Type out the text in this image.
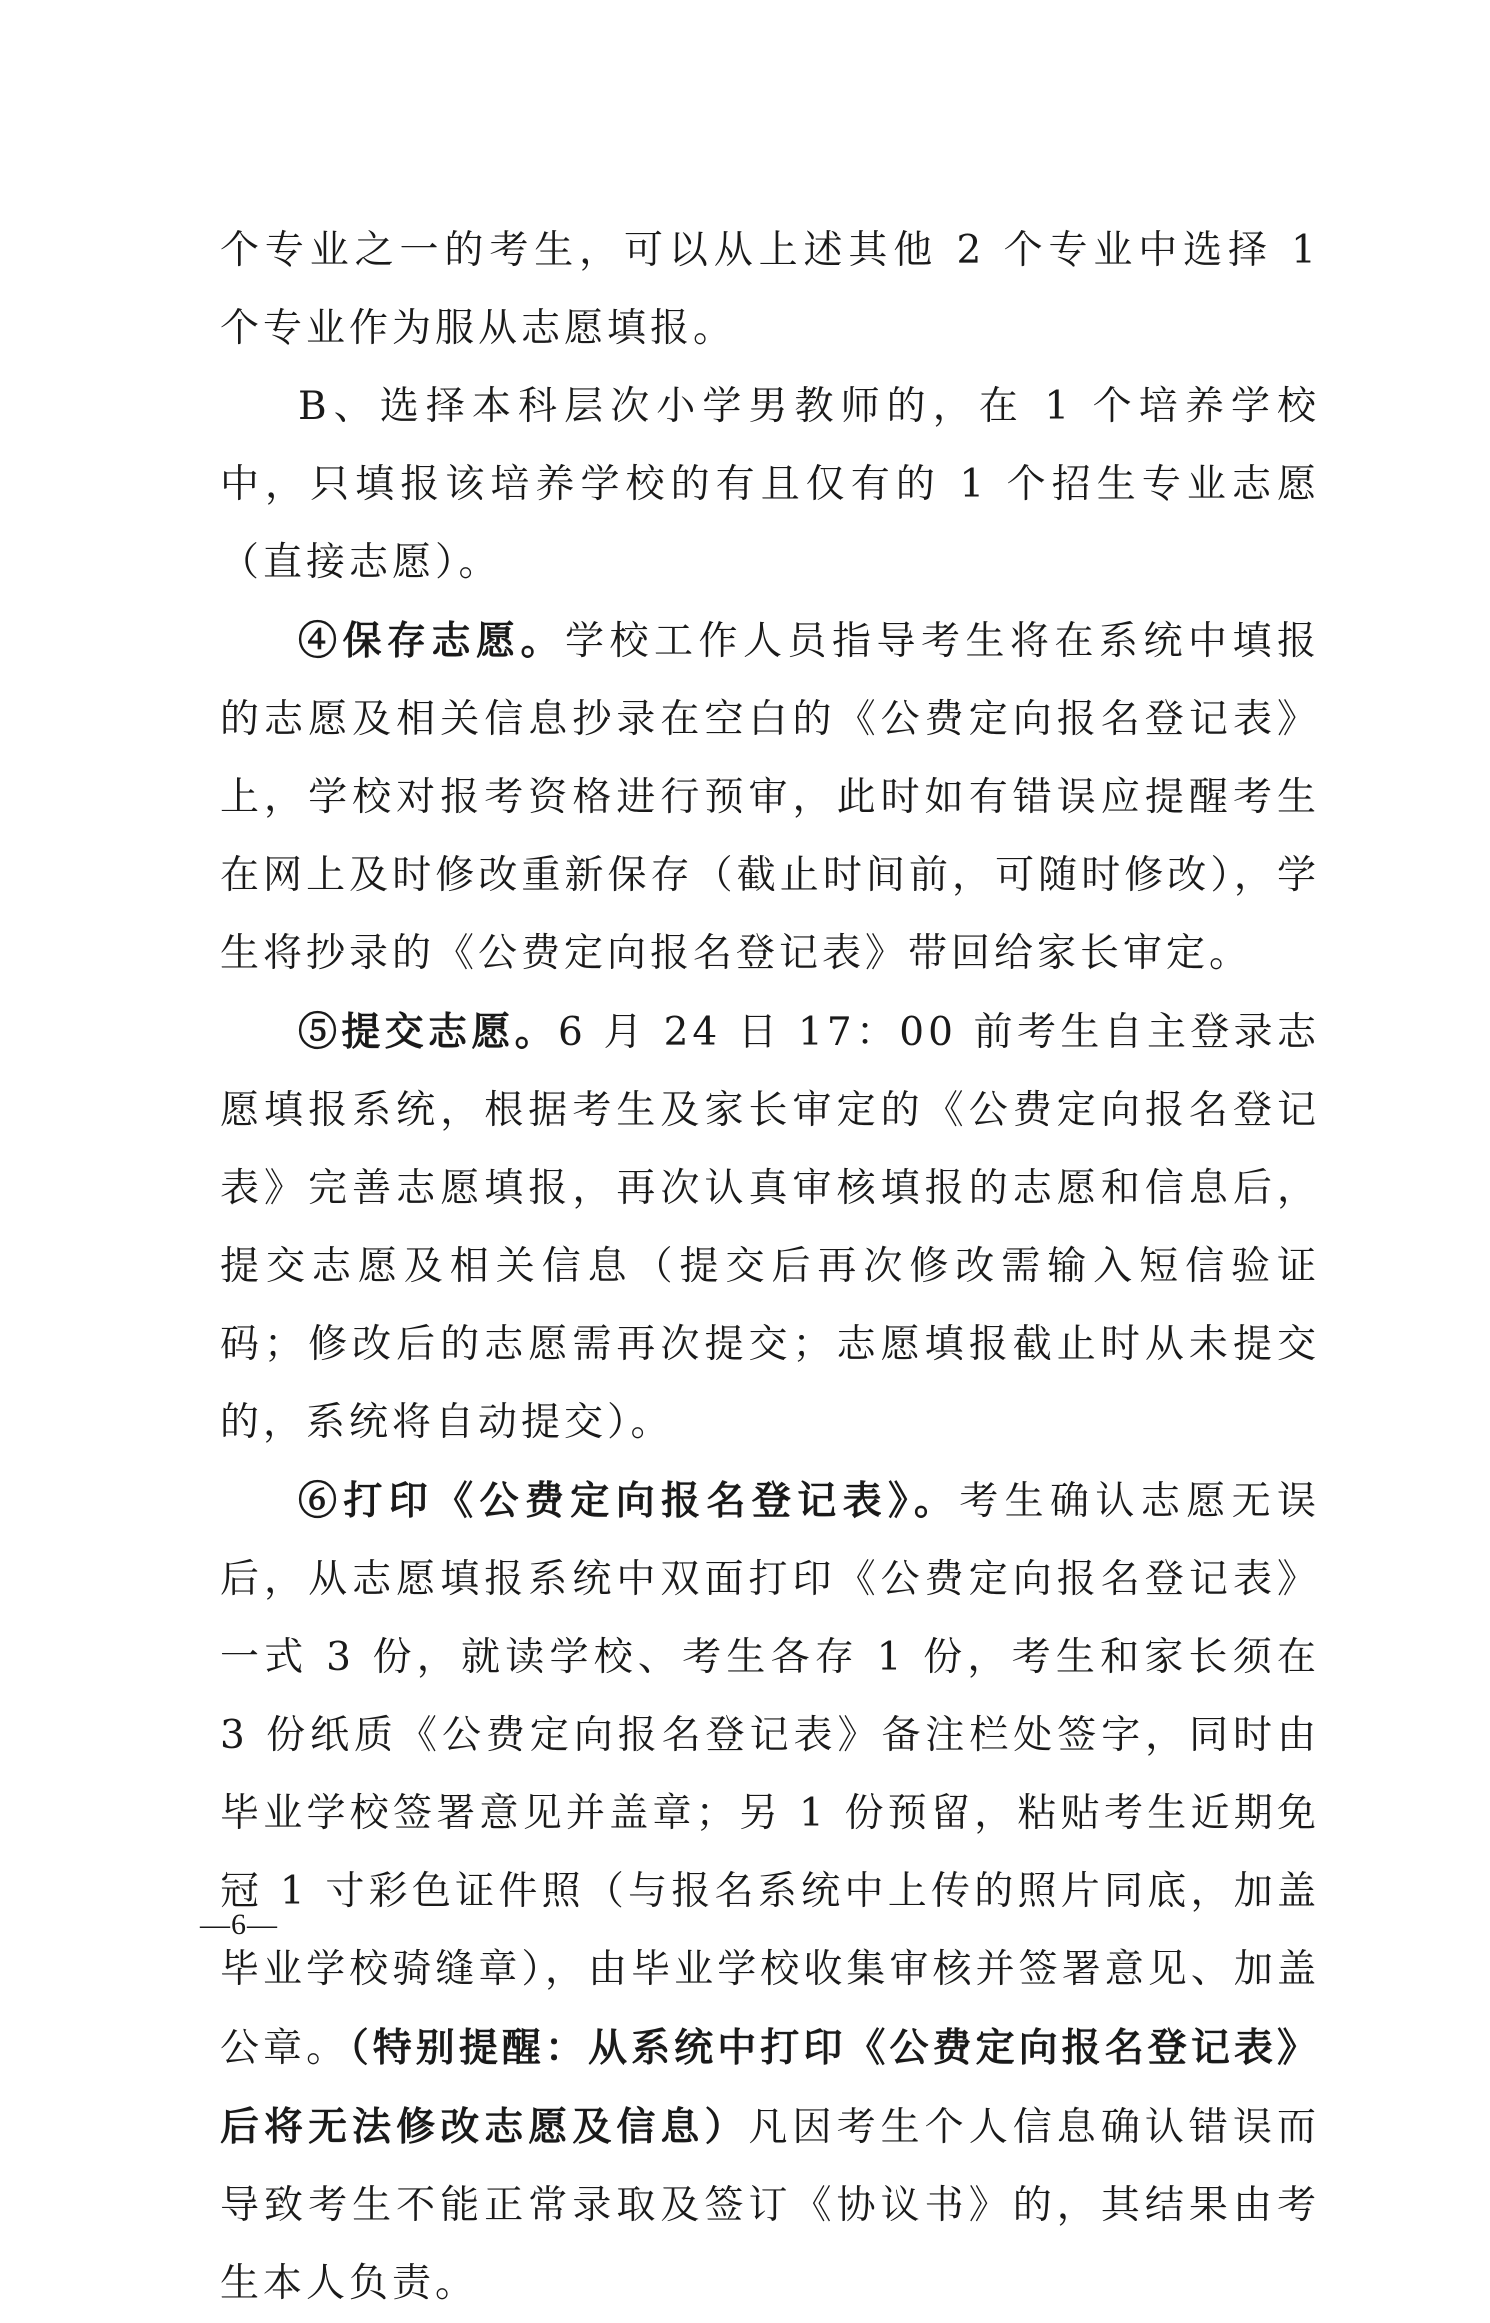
个专业之一的考生，可以从上述其他 2 个专业中选择 1 个专业作为服从志愿填报。

B、选择本科层次小学男教师的，在 1 个培养学校中，只填报该培养学校的有且仅有的 1 个招生专业志愿（直接志愿）。

④保存志愿。学校工作人员指导考生将在系统中填报的志愿及相关信息抄录在空白的《公费定向报名登记表》上，学校对报考资格进行预审，此时如有错误应提醒考生在网上及时修改重新保存（截止时间前，可随时修改），学生将抄录的《公费定向报名登记表》带回给家长审定。

⑤提交志愿。6 月 24 日 17：00 前考生自主登录志愿填报系统，根据考生及家长审定的《公费定向报名登记表》完善志愿填报，再次认真审核填报的志愿和信息后，提交志愿及相关信息（提交后再次修改需输入短信验证码；修改后的志愿需再次提交；志愿填报截止时从未提交的，系统将自动提交）。

⑥打印《公费定向报名登记表》。考生确认志愿无误后，从志愿填报系统中双面打印《公费定向报名登记表》一式 3 份，就读学校、考生各存 1 份，考生和家长须在 3 份纸质《公费定向报名登记表》备注栏处签字，同时由毕业学校签署意见并盖章；另 1 份预留，粘贴考生近期免冠 1 寸彩色证件照（与报名系统中上传的照片同底，加盖毕业学校骑缝章），由毕业学校收集审核并签署意见、加盖公章。（特别提醒：从系统中打印《公费定向报名登记表》后将无法修改志愿及信息）凡因考生个人信息确认错误而导致考生不能正常录取及签订《协议书》的，其结果由考生本人负责。

—6—
